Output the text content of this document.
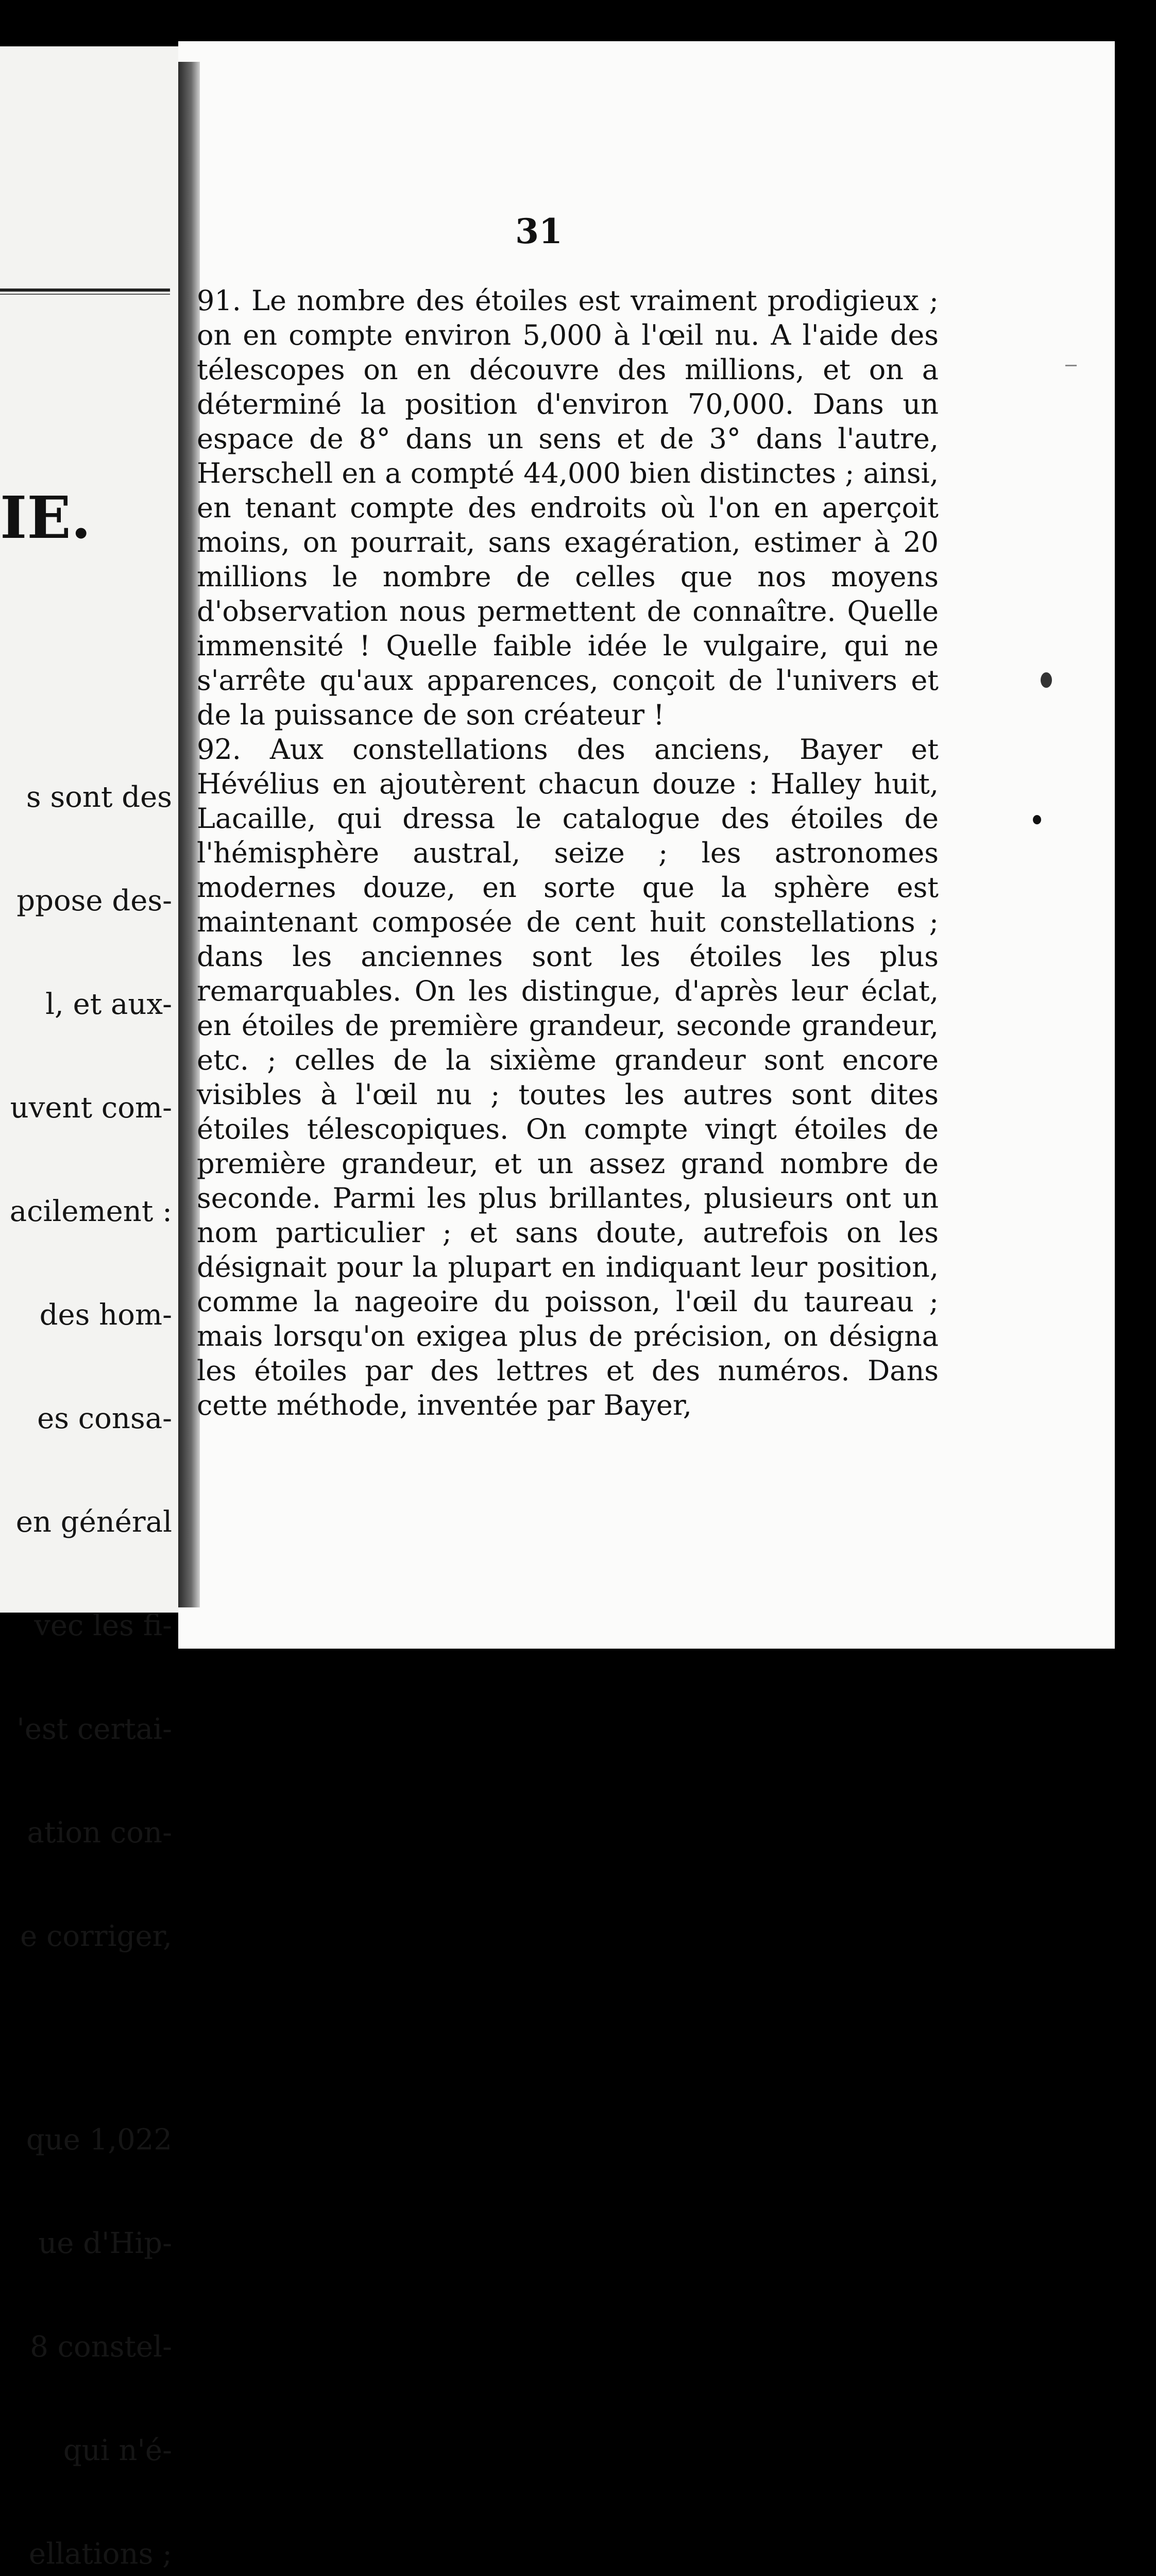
IE.

s sont des

ppose des-

l, et aux-

uvent com-

acilement :

des hom-

es consa-

en général

vec les fi-

'est certai-

ation con-

e corriger,

que 1,022

ue d'Hip-

8 constel-

qui n'é-

ellations ;

31

91. Le nombre des étoiles est vraiment prodigieux ; on en compte environ 5,000 à l'œil nu. A l'aide des télescopes on en découvre des millions, et on a déterminé la position d'environ 70,000. Dans un espace de 8° dans un sens et de 3° dans l'autre, Herschell en a compté 44,000 bien distinctes ; ainsi, en tenant compte des endroits où l'on en aperçoit moins, on pourrait, sans exagération, estimer à 20 millions le nombre de celles que nos moyens d'observation nous permettent de connaître. Quelle immensité ! Quelle faible idée le vulgaire, qui ne s'arrête qu'aux apparences, conçoit de l'univers et de la puissance de son créateur !

92. Aux constellations des anciens, Bayer et Hévélius en ajoutèrent chacun douze : Halley huit, Lacaille, qui dressa le catalogue des étoiles de l'hémisphère austral, seize ; les astronomes modernes douze, en sorte que la sphère est maintenant composée de cent huit constellations ; dans les anciennes sont les étoiles les plus remarquables. On les distingue, d'après leur éclat, en étoiles de première grandeur, seconde grandeur, etc. ; celles de la sixième grandeur sont encore visibles à l'œil nu ; toutes les autres sont dites étoiles télescopiques. On compte vingt étoiles de première grandeur, et un assez grand nombre de seconde. Parmi les plus brillantes, plusieurs ont un nom particulier ; et sans doute, autrefois on les désignait pour la plupart en indiquant leur position, comme la nageoire du poisson, l'œil du taureau ; mais lorsqu'on exigea plus de précision, on désigna les étoiles par des lettres et des numéros. Dans cette méthode, inventée par Bayer,
